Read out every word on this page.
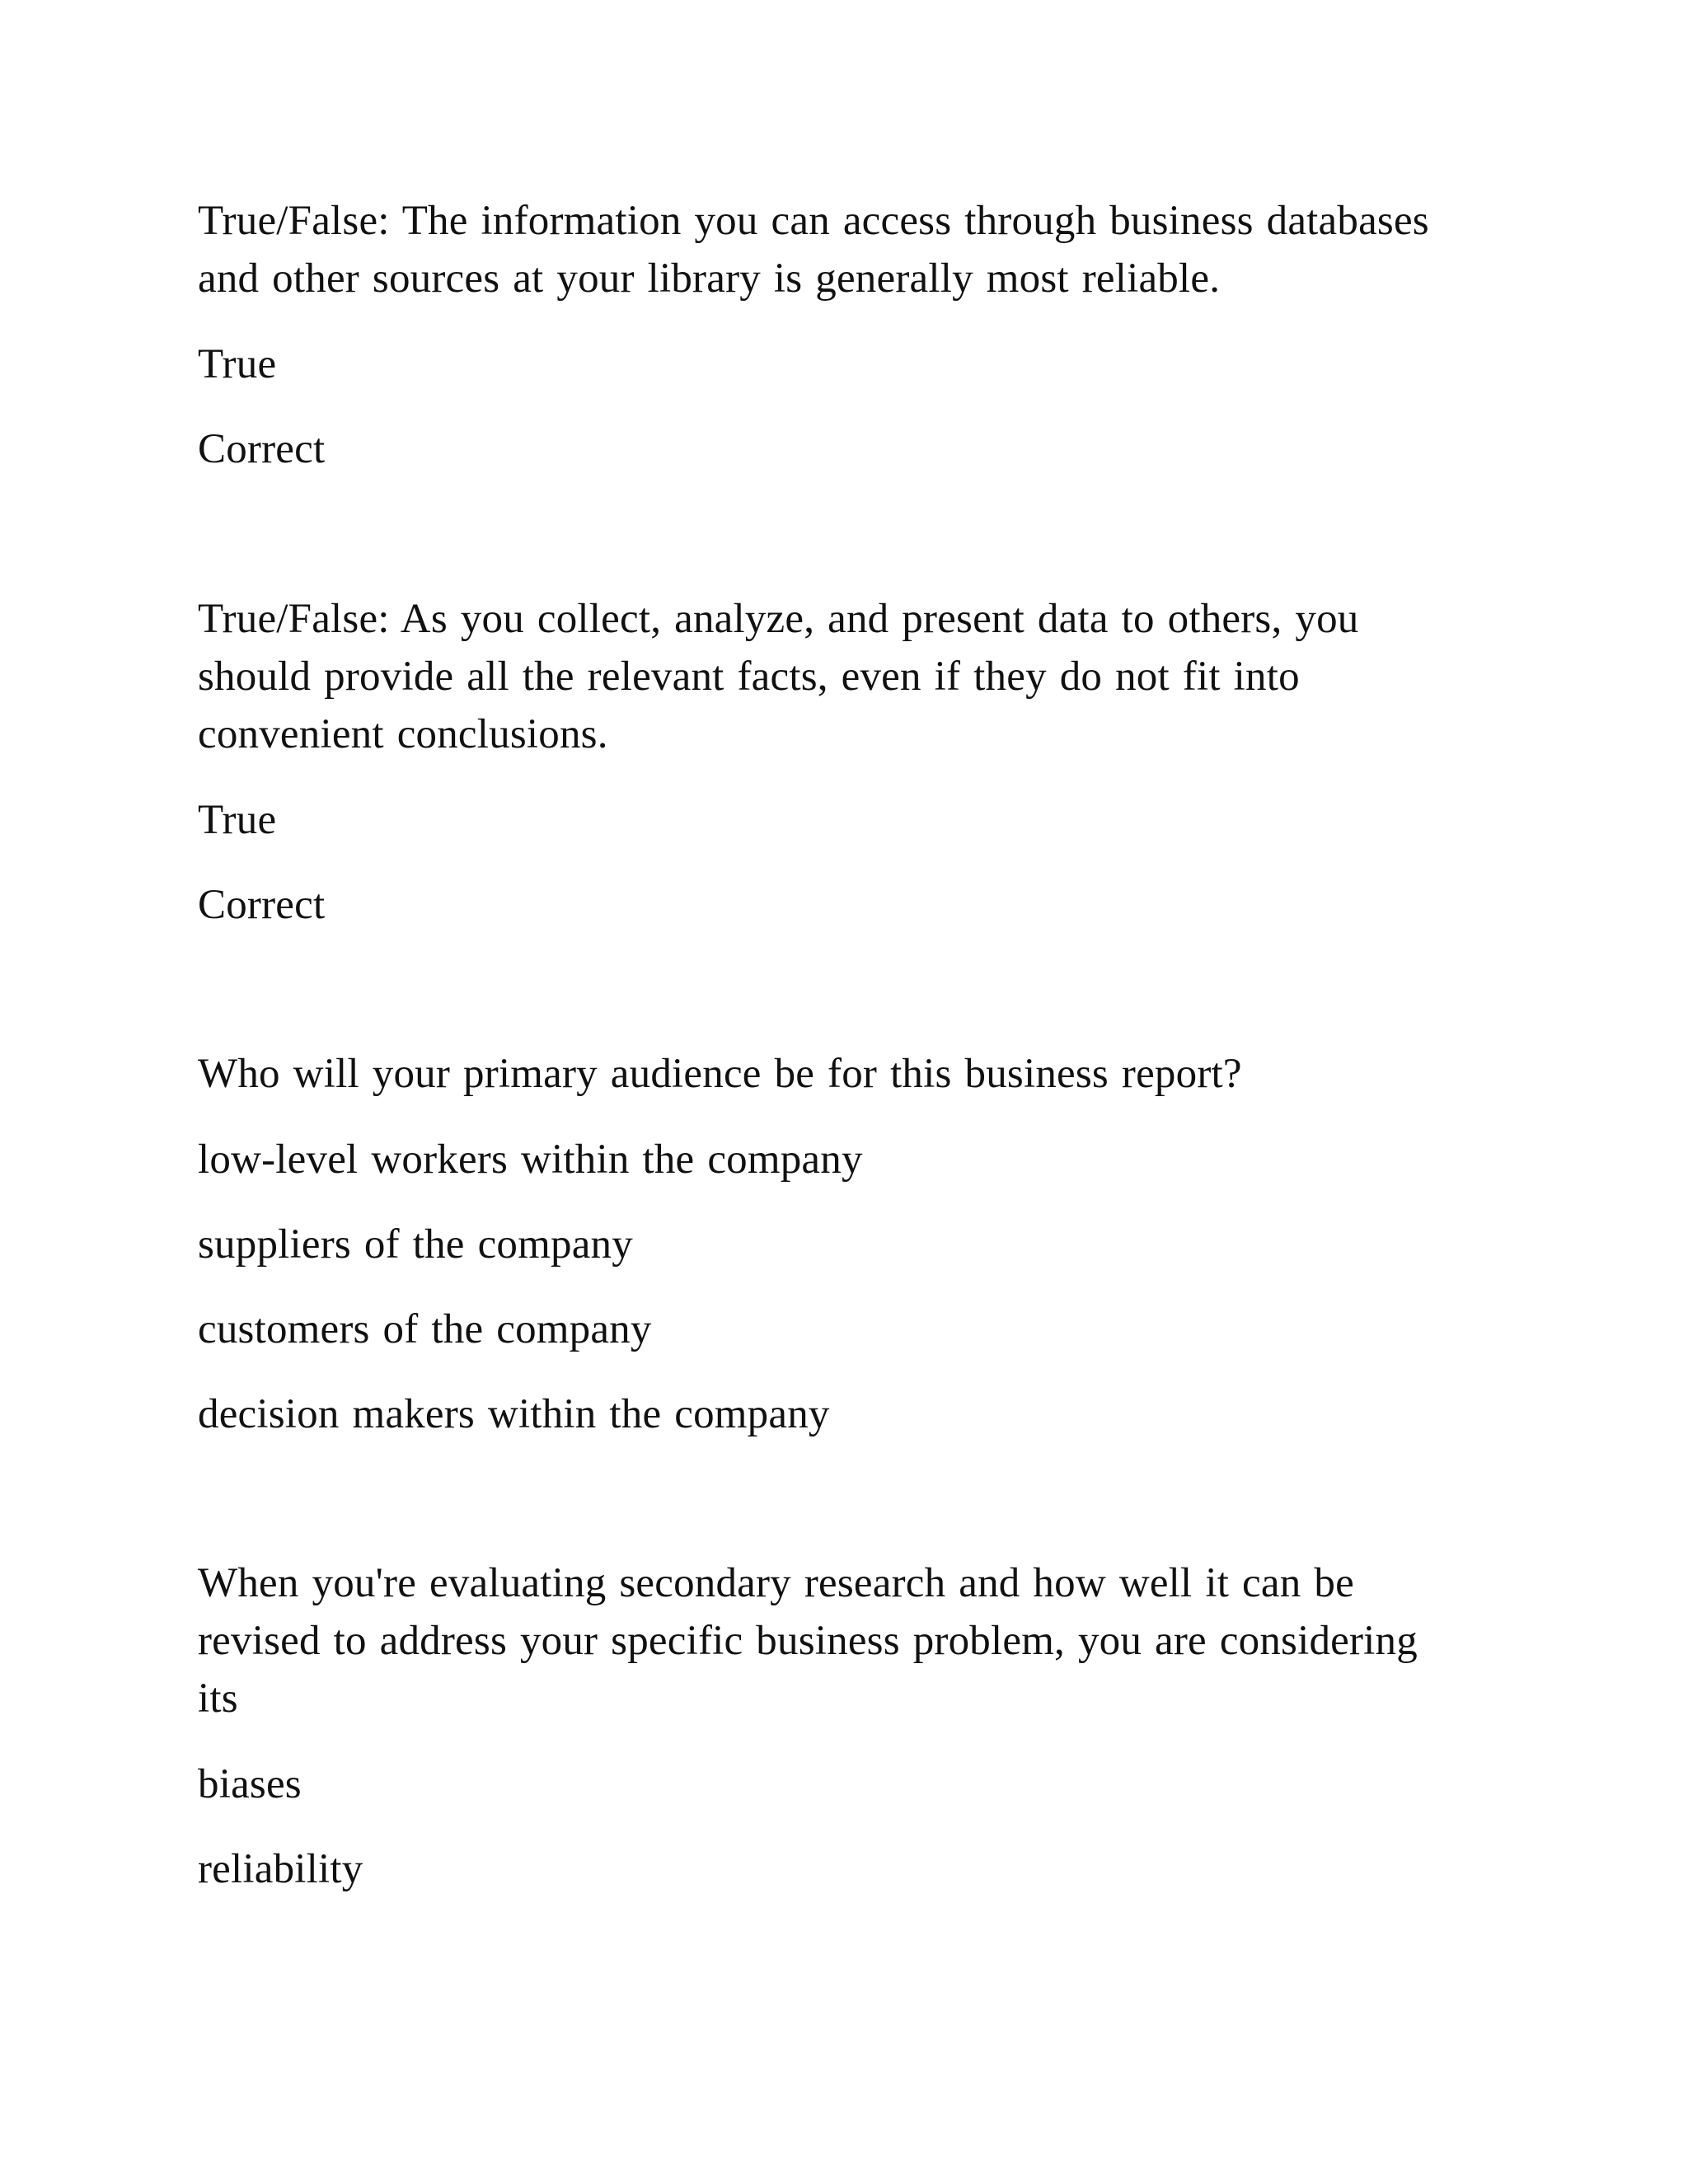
True/False: The information you can access through business databases
and other sources at your library is generally most reliable.
True
Correct
True/False: As you collect, analyze, and present data to others, you
should provide all the relevant facts, even if they do not fit into
convenient conclusions.
True
Correct
Who will your primary audience be for this business report?
low-level workers within the company
suppliers of the company
customers of the company
decision makers within the company
When you're evaluating secondary research and how well it can be
revised to address your specific business problem, you are considering
its
biases
reliability
